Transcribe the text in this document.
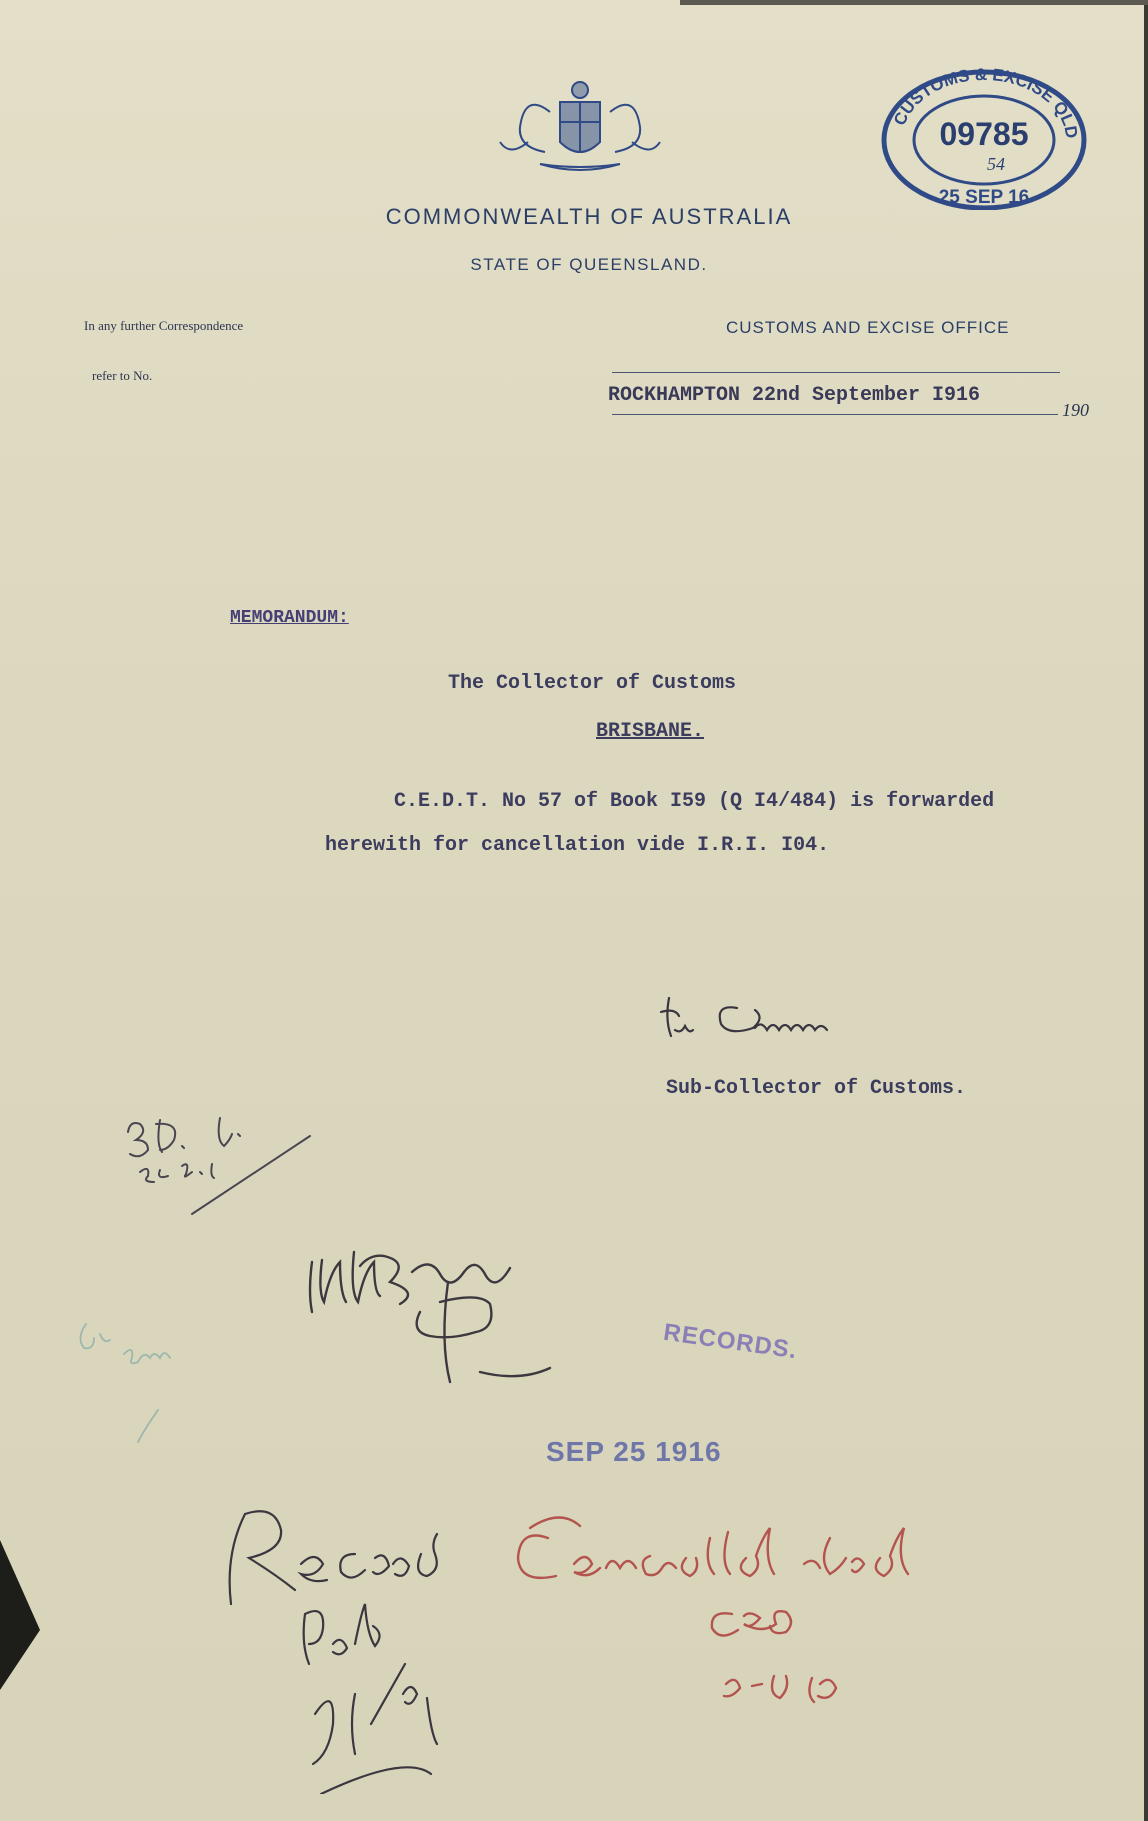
CUSTOMS & EXCISE QLD
09785
54
25 SEP 16
COMMONWEALTH OF AUSTRALIA
STATE OF QUEENSLAND.
In any further Correspondence
refer to No.
CUSTOMS AND EXCISE OFFICE
ROCKHAMPTON 22nd September I916
190
MEMORANDUM:
The Collector of Customs
BRISBANE.
C.E.D.T. No 57 of Book I59 (Q I4/484) is forwarded
herewith for cancellation vide I.R.I. I04.
Sub-Collector of Customs.
RECORDS.
SEP 25 1916
